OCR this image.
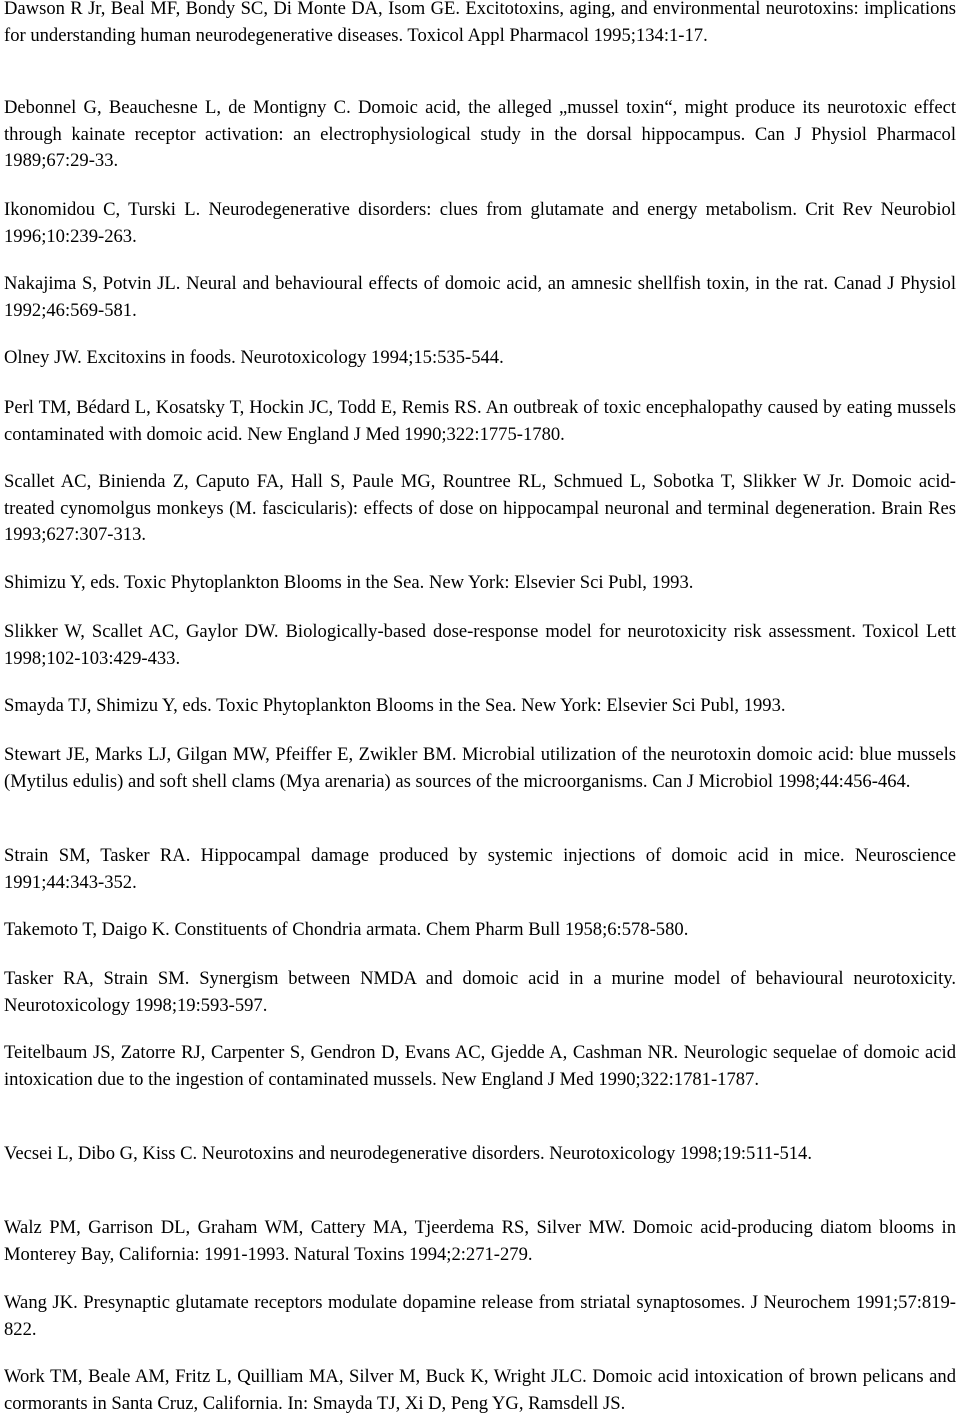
Dawson R Jr, Beal MF, Bondy SC, Di Monte DA, Isom GE. Excitotoxins, aging, and environmental neurotoxins: implications for understanding human neurodegenerative diseases. Toxicol Appl Pharmacol 1995;134:1-17.

Debonnel G, Beauchesne L, de Montigny C. Domoic acid, the alleged „mussel toxin“, might produce its neurotoxic effect through kainate receptor activation: an electrophysiological study in the dorsal hippocampus. Can J Physiol Pharmacol 1989;67:29-33.

Ikonomidou C, Turski L. Neurodegenerative disorders: clues from glutamate and energy metabolism. Crit Rev Neurobiol 1996;10:239-263.

Nakajima S, Potvin JL. Neural and behavioural effects of domoic acid, an amnesic shellfish toxin, in the rat. Canad J Physiol 1992;46:569-581.

Olney JW. Excitoxins in foods. Neurotoxicology 1994;15:535-544.

Perl TM, Bédard L, Kosatsky T, Hockin JC, Todd E, Remis RS. An outbreak of toxic encephalopathy caused by eating mussels contaminated with domoic acid. New England J Med 1990;322:1775-1780.

Scallet AC, Binienda Z, Caputo FA, Hall S, Paule MG, Rountree RL, Schmued L, Sobotka T, Slikker W Jr. Domoic acid-treated cynomolgus monkeys (M. fascicularis): effects of dose on hippocampal neuronal and terminal degeneration. Brain Res 1993;627:307-313.

Shimizu Y, eds. Toxic Phytoplankton Blooms in the Sea. New York: Elsevier Sci Publ, 1993.

Slikker W, Scallet AC, Gaylor DW. Biologically-based dose-response model for neurotoxicity risk assessment. Toxicol Lett 1998;102-103:429-433.

Smayda TJ, Shimizu Y, eds. Toxic Phytoplankton Blooms in the Sea. New York: Elsevier Sci Publ, 1993.

Stewart JE, Marks LJ, Gilgan MW, Pfeiffer E, Zwikler BM. Microbial utilization of the neurotoxin domoic acid: blue mussels (Mytilus edulis) and soft shell clams (Mya arenaria) as sources of the microorganisms. Can J Microbiol 1998;44:456-464.

Strain SM, Tasker RA. Hippocampal damage produced by systemic injections of domoic acid in mice. Neuroscience 1991;44:343-352.

Takemoto T, Daigo K. Constituents of Chondria armata. Chem Pharm Bull 1958;6:578-580.

Tasker RA, Strain SM. Synergism between NMDA and domoic acid in a murine model of behavioural neurotoxicity. Neurotoxicology 1998;19:593-597.

Teitelbaum JS, Zatorre RJ, Carpenter S, Gendron D, Evans AC, Gjedde A, Cashman NR. Neurologic sequelae of domoic acid intoxication due to the ingestion of contaminated mussels. New England J Med 1990;322:1781-1787.

Vecsei L, Dibo G, Kiss C. Neurotoxins and neurodegenerative disorders. Neurotoxicology 1998;19:511-514.

Walz PM, Garrison DL, Graham WM, Cattery MA, Tjeerdema RS, Silver MW. Domoic acid-producing diatom blooms in Monterey Bay, California: 1991-1993. Natural Toxins 1994;2:271-279.

Wang JK. Presynaptic glutamate receptors modulate dopamine release from striatal synaptosomes. J Neurochem 1991;57:819-822.

Work TM, Beale AM, Fritz L, Quilliam MA, Silver M, Buck K, Wright JLC. Domoic acid intoxication of brown pelicans and cormorants in Santa Cruz, California. In: Smayda TJ, Xi D, Peng YG, Ramsdell JS.
